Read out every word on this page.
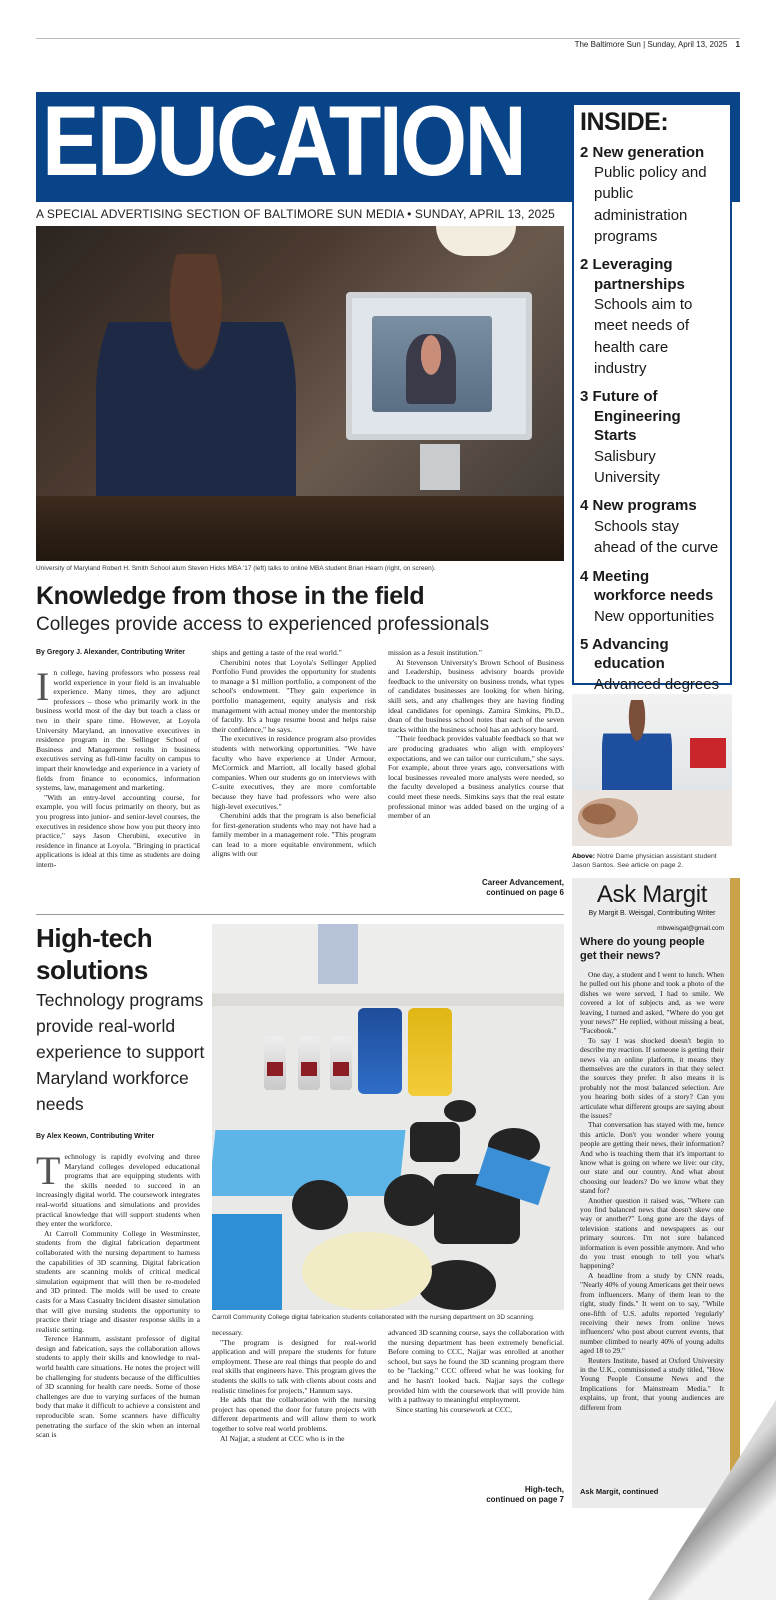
The Baltimore Sun | Sunday, April 13, 2025 1
EDUCATION
A SPECIAL ADVERTISING SECTION OF BALTIMORE SUN MEDIA • SUNDAY, APRIL 13, 2025
INSIDE:
2 New generation
Public policy and public administration programs
2 Leveraging partnerships
Schools aim to meet needs of health care industry
3 Future of Engineering Starts
Salisbury University
4 New programs
Schools stay ahead of the curve
4 Meeting workforce needs
New opportunities
5 Advancing education
Advanced degrees
University of Maryland Robert H. Smith School alum Steven Hicks MBA '17 (left) talks to online MBA student Brian Hearn (right, on screen).
Knowledge from those in the field
Colleges provide access to experienced professionals
By Gregory J. Alexander, Contributing Writer
I n college, having professors who possess real world experience in your field is an invaluable experience. Many times, they are adjunct professors – those who primarily work in the business world most of the day but teach a class or two in their spare time. However, at Loyola University Maryland, an innovative executives in residence program in the Sellinger School of Business and Management results in business executives serving as full-time faculty on campus to impart their knowledge and experience in a variety of fields from finance to economics, information systems, law, management and marketing.

"With an entry-level accounting course, for example, you will focus primarily on theory, but as you progress into junior- and senior-level courses, the executives in residence show how you put theory into practice," says Jason Cherubini, executive in residence in finance at Loyola. "Bringing in practical applications is ideal at this time as students are doing intern-

ships and getting a taste of the real world."

Cherubini notes that Loyola's Sellinger Applied Portfolio Fund provides the opportunity for students to manage a $1 million portfolio, a component of the school's endowment. "They gain experience in portfolio management, equity analysis and risk management with actual money under the mentorship of faculty. It's a huge resume boost and helps raise their confidence," he says.

The executives in residence program also provides students with networking opportunities. "We have faculty who have experience at Under Armour, McCormick and Marriott, all locally based global companies. When our students go on interviews with C-suite executives, they are more comfortable because they have had professors who were also high-level executives."

Cherubini adds that the program is also beneficial for first-generation students who may not have had a family member in a management role. "This program can lead to a more equitable environment, which aligns with our

mission as a Jesuit institution."

At Stevenson University's Brown School of Business and Leadership, business advisory boards provide feedback to the university on business trends, what types of candidates businesses are looking for when hiring, skill sets, and any challenges they are having finding ideal candidates for openings. Zamira Simkins, Ph.D., dean of the business school notes that each of the seven tracks within the business school has an advisory board.

"Their feedback provides valuable feedback so that we are producing graduates who align with employers' expectations, and we can tailor our curriculum," she says. For example, about three years ago, conversations with local businesses revealed more analysts were needed, so the faculty developed a business analytics course that could meet these needs. Simkins says that the real estate professional minor was added based on the urging of a member of an

Career Advancement,
continued on page 6
High-tech solutions
Technology programs provide real-world experience to support Maryland workforce needs
By Alex Keown, Contributing Writer
T echnology is rapidly evolving and three Maryland colleges developed educational programs that are equipping students with the skills needed to succeed in an increasingly digital world. The coursework integrates real-world situations and simulations and provides practical knowledge that will support students when they enter the workforce.

At Carroll Community College in Westminster, students from the digital fabrication department collaborated with the nursing department to harness the capabilities of 3D scanning. Digital fabrication students are scanning molds of critical medical simulation equipment that will then be re-modeled and 3D printed. The molds will be used to create casts for a Mass Casualty Incident disaster simulation that will give nursing students the opportunity to practice their triage and disaster response skills in a realistic setting.

Terence Hannum, assistant professor of digital design and fabrication, says the collaboration allows students to apply their skills and knowledge to real-world health care situations. He notes the project will be challenging for students because of the difficulties of 3D scanning for health care needs. Some of those challenges are due to varying surfaces of the human body that make it difficult to achieve a consistent and reproducible scan. Some scanners have difficulty penetrating the surface of the skin when an internal scan is

Carroll Community College digital fabrication students collaborated with the nursing department on 3D scanning.
necessary.

"The program is designed for real-world application and will prepare the students for future employment. These are real things that people do and real skills that engineers have. This program gives the students the skills to talk with clients about costs and realistic timelines for projects," Hannum says.

He adds that the collaboration with the nursing project has opened the door for future projects with different departments and will allow them to work together to solve real world problems.

Al Najjar, a student at CCC who is in the

advanced 3D scanning course, says the collaboration with the nursing department has been extremely beneficial. Before coming to CCC, Najjar was enrolled at another school, but says he found the 3D scanning program there to be "lacking." CCC offered what he was looking for and he hasn't looked back. Najjar says the college provided him with the coursework that will provide him with a pathway to meaningful employment.

Since starting his coursework at CCC,

High-tech,
continued on page 7
Above: Notre Dame physician assistant student Jason Santos. See article on page 2.
Ask Margit
By Margit B. Weisgal, Contributing Writer
mbweisgal@gmail.com
Where do young people get their news?

One day, a student and I went to lunch. When he pulled out his phone and took a photo of the dishes we were served, I had to smile. We covered a lot of subjects and, as we were leaving, I turned and asked, "Where do you get your news?" He replied, without missing a beat, "Facebook."

To say I was shocked doesn't begin to describe my reaction. If someone is getting their news via an online platform, it means they themselves are the curators in that they select the sources they prefer. It also means it is probably not the most balanced selection. Are you hearing both sides of a story? Can you articulate what different groups are saying about the issues?

That conversation has stayed with me, hence this article. Don't you wonder where young people are getting their news, their information? And who is teaching them that it's important to know what is going on where we live: our city, our state and our country. And what about choosing our leaders? Do we know what they stand for?

Another question it raised was, "Where can you find balanced news that doesn't skew one way or another?" Long gone are the days of television stations and newspapers as our primary sources. I'm not sure balanced information is even possible anymore. And who do you trust enough to tell you what's happening?

A headline from a study by CNN reads, "Nearly 40% of young Americans get their news from influencers. Many of them lean to the right, study finds." It went on to say, "While one-fifth of U.S. adults reported 'regularly' receiving their news from online 'news influencers' who post about current events, that number climbed to nearly 40% of young adults aged 18 to 29."

Reuters Institute, based at Oxford University in the U.K., commissioned a study titled, "How Young People Consume News and the Implications for Mainstream Media." It explains, up front, that young audiences are different from

Ask Margit, continued
